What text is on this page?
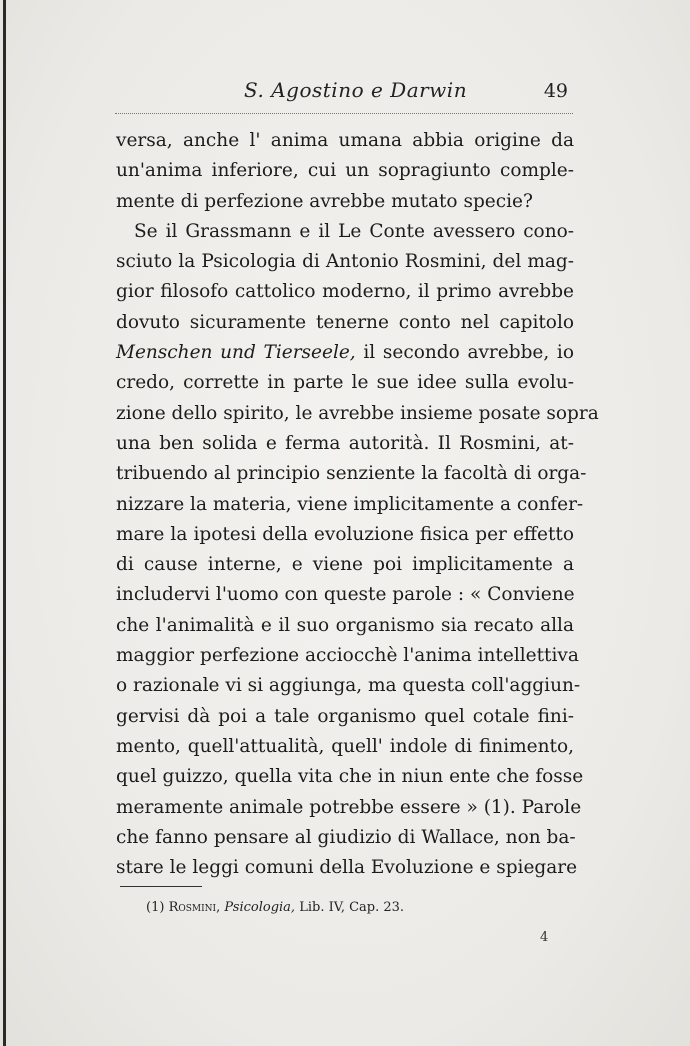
S. Agostino e Darwin	49
versa, anche l' anima umana abbia origine da
un'anima inferiore, cui un sopragiunto comple-
mente di perfezione avrebbe mutato specie?
Se il Grassmann e il Le Conte avessero cono-
sciuto la Psicologia di Antonio Rosmini, del mag-
gior filosofo cattolico moderno, il primo avrebbe
dovuto sicuramente tenerne conto nel capitolo
Menschen und Tierseele, il secondo avrebbe, io
credo, corrette in parte le sue idee sulla evolu-
zione dello spirito, le avrebbe insieme posate sopra
una ben solida e ferma autorità. Il Rosmini, at-
tribuendo al principio senziente la facoltà di orga-
nizzare la materia, viene implicitamente a confer-
mare la ipotesi della evoluzione fisica per effetto
di cause interne, e viene poi implicitamente a
includervi l'uomo con queste parole : « Conviene
che l'animalità e il suo organismo sia recato alla
maggior perfezione acciocchè l'anima intellettiva
o razionale vi si aggiunga, ma questa coll'aggiun-
gervisi dà poi a tale organismo quel cotale fini-
mento, quell'attualità, quell' indole di finimento,
quel guizzo, quella vita che in niun ente che fosse
meramente animale potrebbe essere » (1). Parole
che fanno pensare al giudizio di Wallace, non ba-
stare le leggi comuni della Evoluzione e spiegare
(1) Rosmini, Psicologia, Lib. IV, Cap. 23.
4
